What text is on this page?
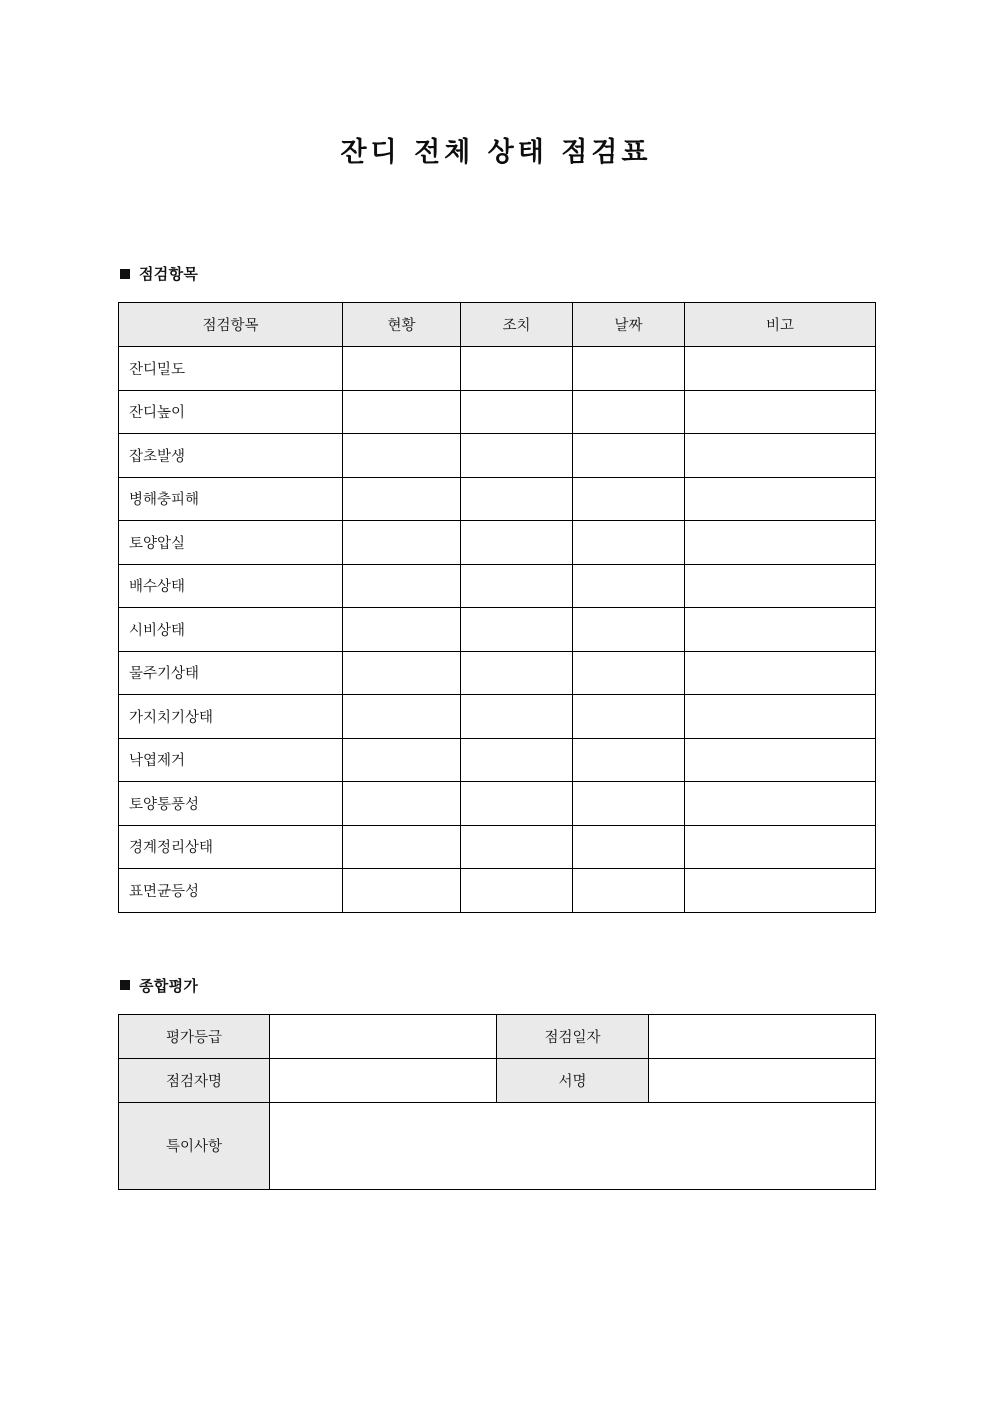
잔디 전체 상태 점검표
점검항목
점검항목	현황	조치	날짜	비고
잔디밀도				
잔디높이				
잡초발생				
병해충피해				
토양압실				
배수상태				
시비상태				
물주기상태				
가지치기상태				
낙엽제거				
토양통풍성				
경계정리상태				
표면균등성				
종합평가
평가등급		점검일자	
점검자명		서명	
특이사항			
